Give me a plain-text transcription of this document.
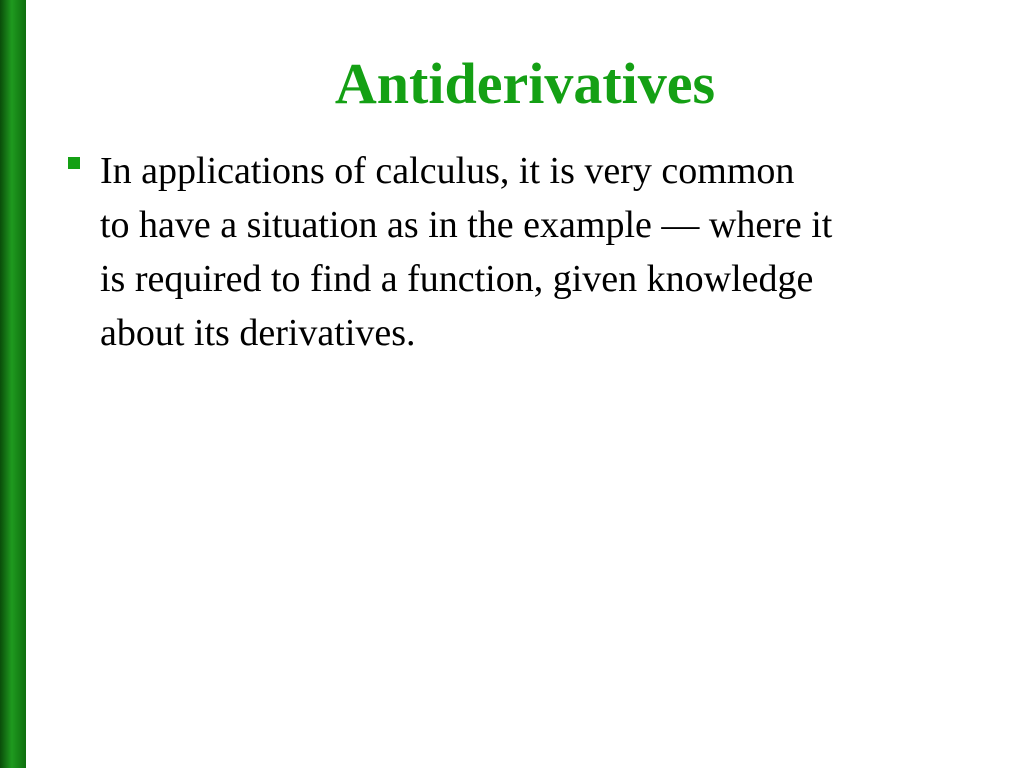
Antiderivatives
In applications of calculus, it is very common
to have a situation as in the example — where it
is required to find a function, given knowledge
about its derivatives.
